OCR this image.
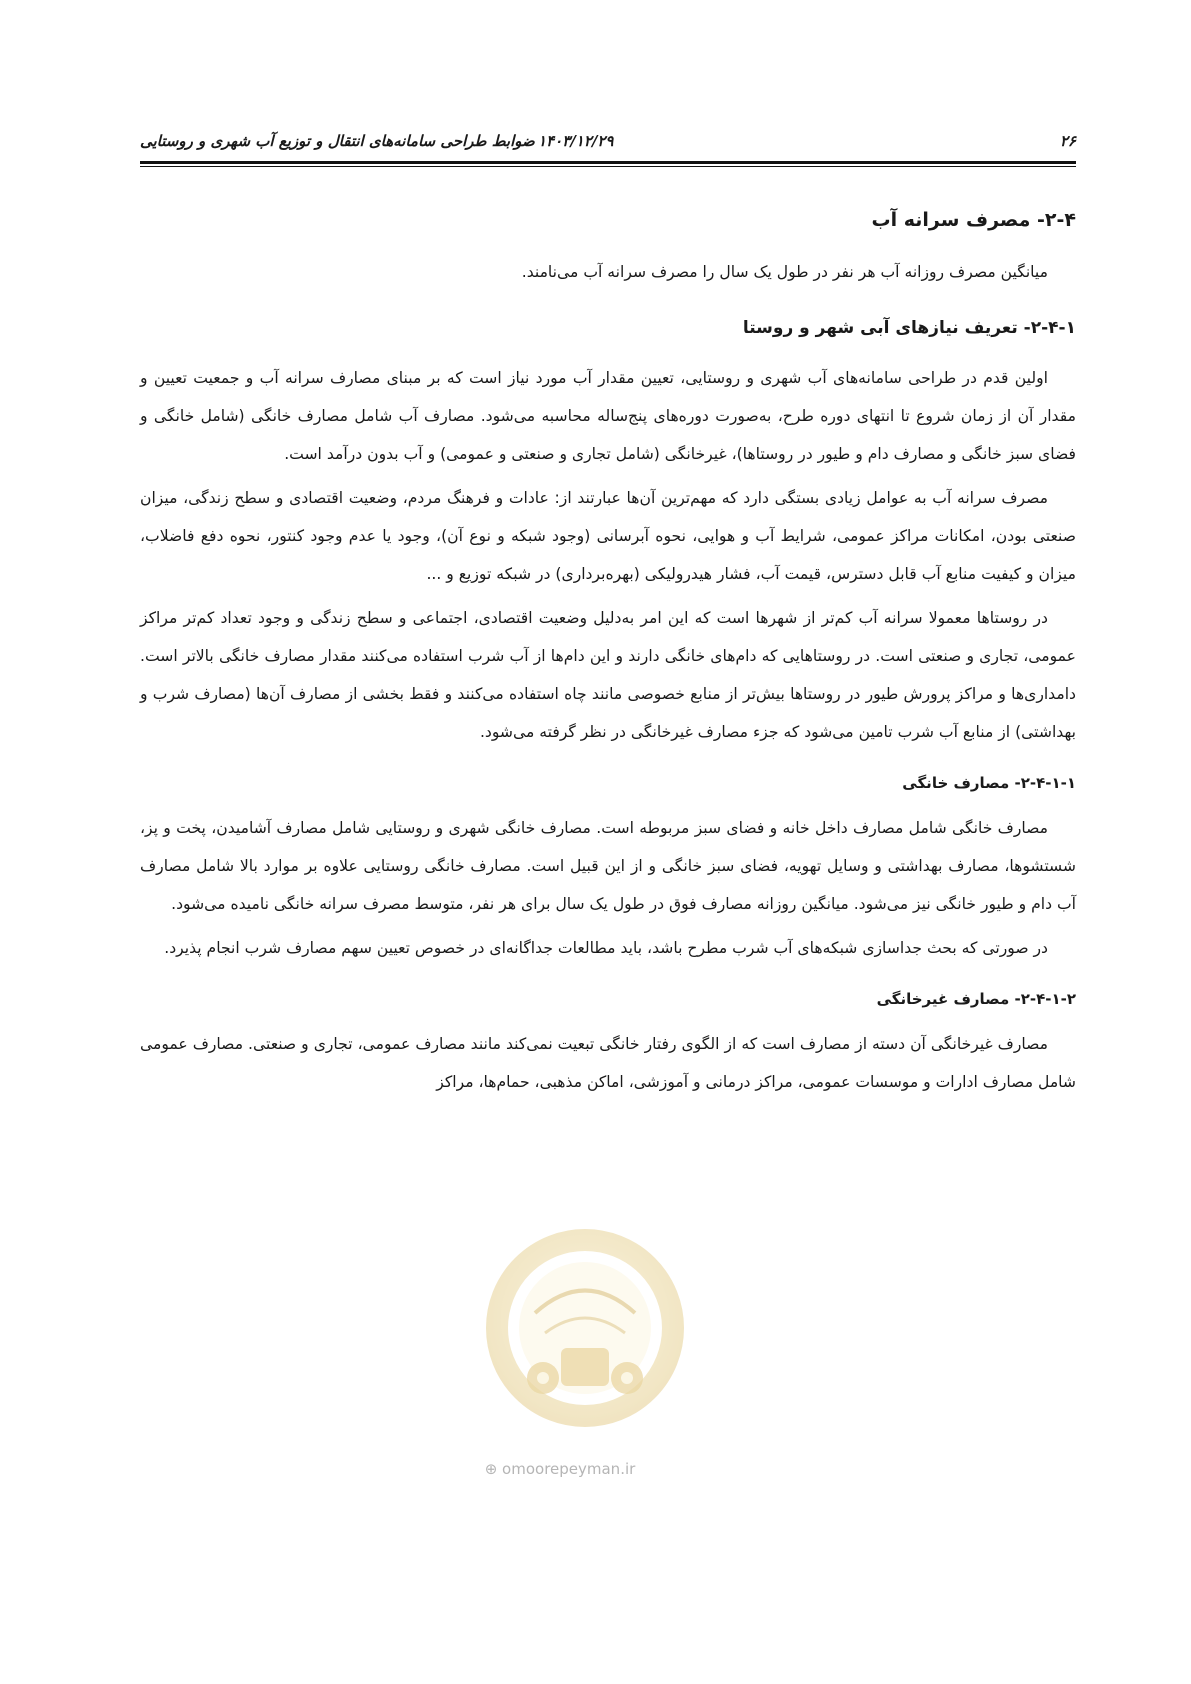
۲۶
۱۴۰۳/۱۲/۲۹
ضوابط طراحی سامانه‌های انتقال و توزیع آب شهری و روستایی
۲-۴- مصرف سرانه آب

میانگین مصرف روزانه آب هر نفر در طول یک سال را مصرف سرانه آب می‌نامند.

۲-۴-۱- تعریف نیازهای آبی شهر و روستا

اولین قدم در طراحی سامانه‌های آب شهری و روستایی، تعیین مقدار آب مورد نیاز است که بر مبنای مصارف سرانه آب و جمعیت تعیین و مقدار آن از زمان شروع تا انتهای دوره طرح، به‌صورت دوره‌های پنج‌ساله محاسبه می‌شود. مصارف آب شامل مصارف خانگی (شامل خانگی و فضای سبز خانگی و مصارف دام و طیور در روستاها)، غیرخانگی (شامل تجاری و صنعتی و عمومی) و آب بدون درآمد است.

مصرف سرانه آب به عوامل زیادی بستگی دارد که مهم‌ترین آن‌ها عبارتند از: عادات و فرهنگ مردم، وضعیت اقتصادی و سطح زندگی، میزان صنعتی بودن، امکانات مراکز عمومی، شرایط آب و هوایی، نحوه آبرسانی (وجود شبکه و نوع آن)، وجود یا عدم وجود کنتور، نحوه دفع فاضلاب، میزان و کیفیت منابع آب قابل دسترس، قیمت آب، فشار هیدرولیکی (بهره‌برداری) در شبکه توزیع و ...

در روستاها معمولا سرانه آب کم‌تر از شهرها است که این امر به‌دلیل وضعیت اقتصادی، اجتماعی و سطح زندگی و وجود تعداد کم‌تر مراکز عمومی، تجاری و صنعتی است. در روستاهایی که دام‌های خانگی دارند و این دام‌ها از آب شرب استفاده می‌کنند مقدار مصارف خانگی بالاتر است. دامداری‌ها و مراکز پرورش طیور در روستاها بیش‌تر از منابع خصوصی مانند چاه استفاده می‌کنند و فقط بخشی از مصارف آن‌ها (مصارف شرب و بهداشتی) از منابع آب شرب تامین می‌شود که جزء مصارف غیرخانگی در نظر گرفته می‌شود.

۲-۴-۱-۱- مصارف خانگی

مصارف خانگی شامل مصارف داخل خانه و فضای سبز مربوطه است. مصارف خانگی شهری و روستایی شامل مصارف آشامیدن، پخت و پز، شستشوها، مصارف بهداشتی و وسایل تهویه، فضای سبز خانگی و از این قبیل است. مصارف خانگی روستایی علاوه بر موارد بالا شامل مصارف آب دام و طیور خانگی نیز می‌شود. میانگین روزانه مصارف فوق در طول یک سال برای هر نفر، متوسط مصرف سرانه خانگی نامیده می‌شود.

در صورتی که بحث جداسازی شبکه‌های آب شرب مطرح باشد، باید مطالعات جداگانه‌ای در خصوص تعیین سهم مصارف شرب انجام پذیرد.

۲-۴-۱-۲- مصارف غیرخانگی

مصارف غیرخانگی آن دسته از مصارف است که از الگوی رفتار خانگی تبعیت نمی‌کند مانند مصارف عمومی، تجاری و صنعتی. مصارف عمومی شامل مصارف ادارات و موسسات عمومی، مراکز درمانی و آموزشی، اماکن مذهبی، حمام‌ها، مراکز

⊕ omoorepeyman.ir
